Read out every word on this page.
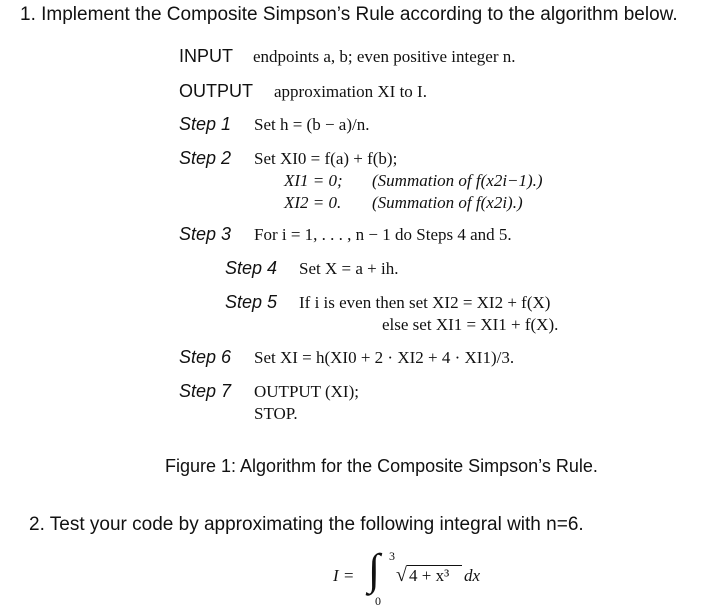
1. Implement the Composite Simpson’s Rule according to the algorithm below.
INPUT endpoints a, b; even positive integer n.
OUTPUT approximation XI to I.
Step 1 Set h = (b − a)/n.
Step 2 Set XI0 = f(a) + f(b);
XI1 = 0; (Summation of f(x2i−1).)
XI2 = 0. (Summation of f(x2i).)
Step 3 For i = 1, . . . , n − 1 do Steps 4 and 5.
Step 4 Set X = a + ih.
Step 5 If i is even then set XI2 = XI2 + f(X)
else set XI1 = XI1 + f(X).
Step 6 Set XI = h(XI0 + 2 · XI2 + 4 · XI1)/3.
Step 7 OUTPUT (XI);
STOP.
Figure 1: Algorithm for the Composite Simpson’s Rule.
2. Test your code by approximating the following integral with n=6.
I = ∫ 3
0
√ 4 + x³ dx
